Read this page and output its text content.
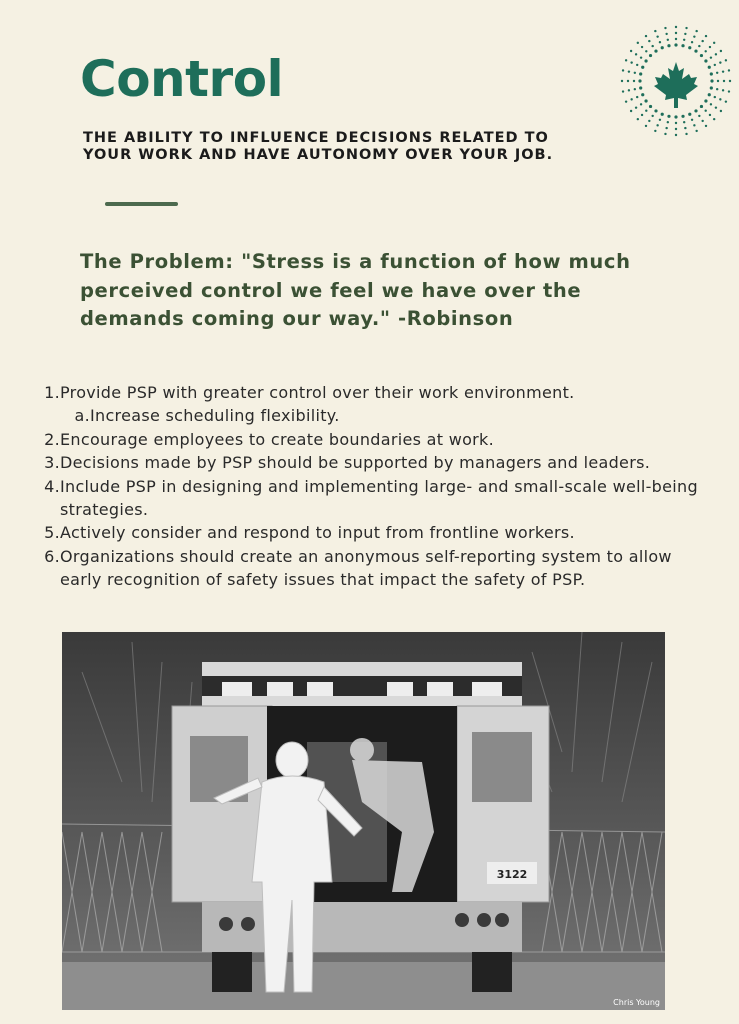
Control

THE ABILITY TO INFLUENCE DECISIONS RELATED TO YOUR WORK AND HAVE AUTONOMY OVER YOUR JOB.

The Problem: "Stress is a function of how much perceived control we feel we have over the demands coming our way." -Robinson

1. Provide PSP with greater control over their work environment.
a. Increase scheduling flexibility.
2. Encourage employees to create boundaries at work.
3. Decisions made by PSP should be supported by managers and leaders.
4. Include PSP in designing and implementing large- and small-scale well-being strategies.
5. Actively consider and respond to input from frontline workers.
6. Organizations should create an anonymous self-reporting system to allow early recognition of safety issues that impact the safety of PSP.
3122
Chris Young
